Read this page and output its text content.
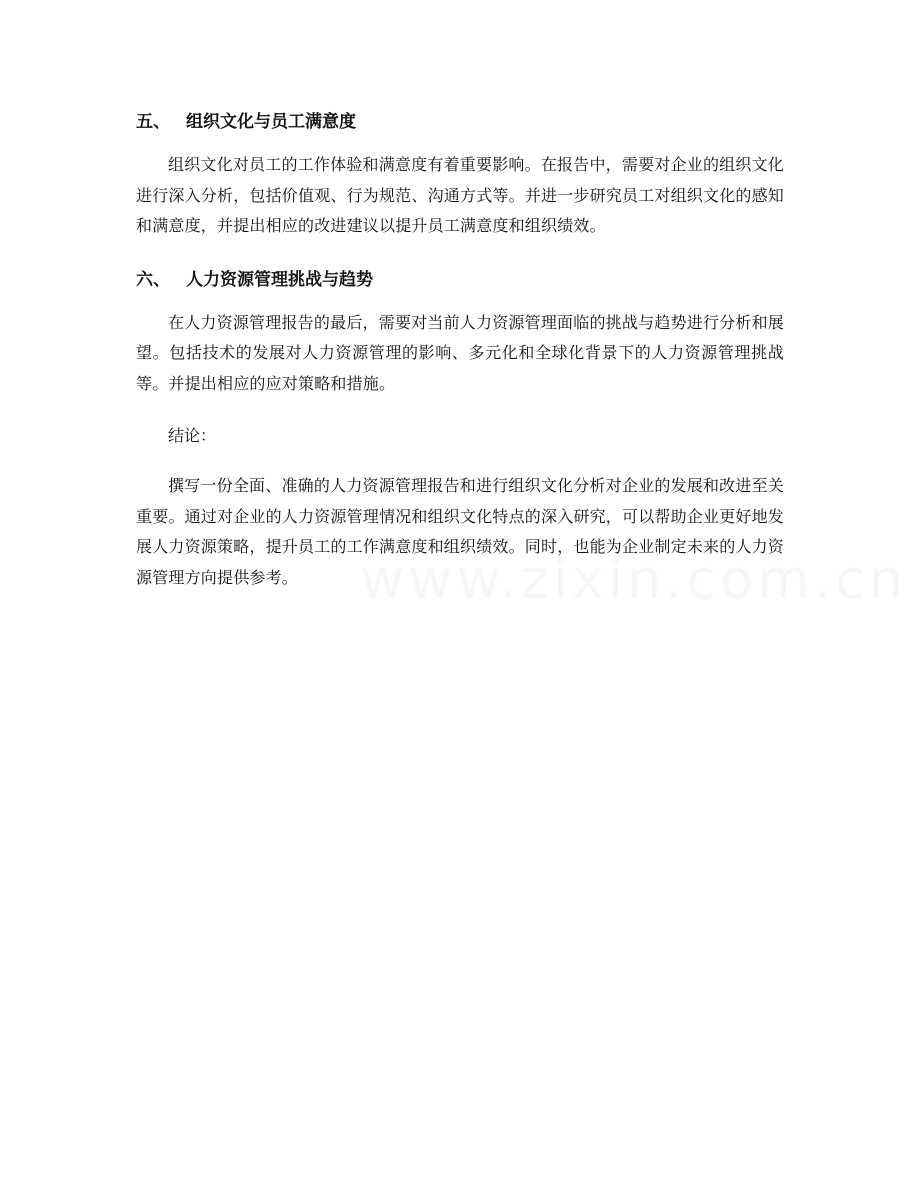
五、 组织文化与员工满意度

组织文化对员工的工作体验和满意度有着重要影响。在报告中，需要对企业的组织文化进行深入分析，包括价值观、行为规范、沟通方式等。并进一步研究员工对组织文化的感知和满意度，并提出相应的改进建议以提升员工满意度和组织绩效。

六、 人力资源管理挑战与趋势

在人力资源管理报告的最后，需要对当前人力资源管理面临的挑战与趋势进行分析和展望。包括技术的发展对人力资源管理的影响、多元化和全球化背景下的人力资源管理挑战等。并提出相应的应对策略和措施。

结论：

撰写一份全面、准确的人力资源管理报告和进行组织文化分析对企业的发展和改进至关重要。通过对企业的人力资源管理情况和组织文化特点的深入研究，可以帮助企业更好地发展人力资源策略，提升员工的工作满意度和组织绩效。同时，也能为企业制定未来的人力资源管理方向提供参考。
